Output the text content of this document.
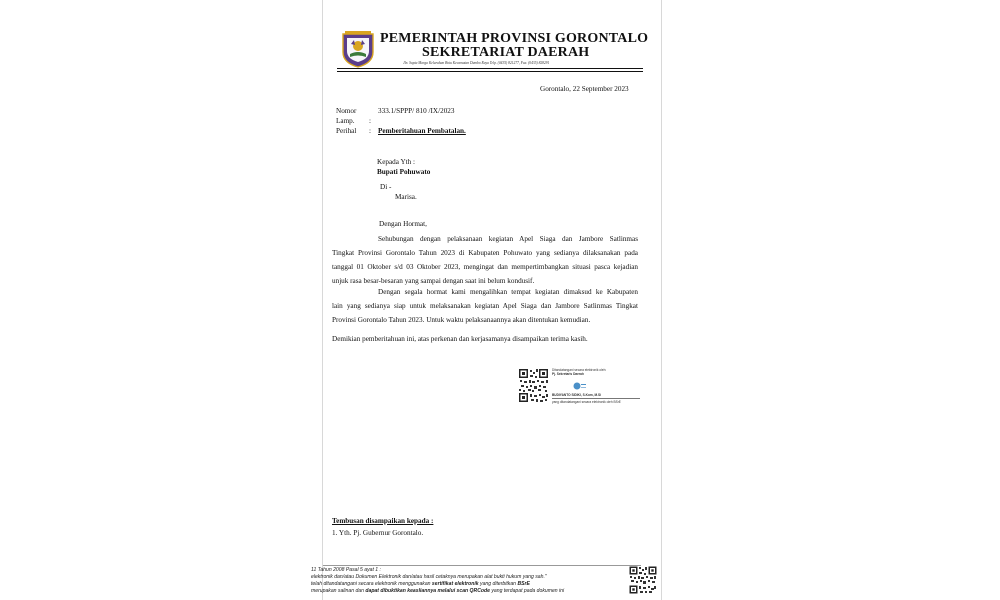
PEMERINTAH PROVINSI GORONTALO
SEKRETARIAT DAERAH
Jln. Sapta Marga Kelurahan Botu Kecamatan Dumbo Raya Telp. (0435) 821277, Fax. (0435) 828291
Gorontalo, 22 September 2023
Nomor	333.1/SPPP/ 810 /IX/2023
Lamp. :
Perihal : Pemberitahuan Pembatalan.
Kepada Yth :
Bupati Pohuwato
Di -
Marisa.
Dengan Hormat,
Sehubungan dengan pelaksanaan kegiatan Apel Siaga dan Jambore Satlinmas
Tingkat Provinsi Gorontalo Tahun 2023 di Kabupaten Pohuwato yang sedianya dilaksanakan pada
tanggal 01 Oktober s/d 03 Oktober 2023, mengingat dan mempertimbangkan situasi pasca kejadian
unjuk rasa besar-besaran yang sampai dengan saat ini belum kondusif.
Dengan segala hormat kami mengalihkan tempat kegiatan dimaksud ke Kabupaten
lain yang sedianya siap untuk melaksanakan kegiatan Apel Siaga dan Jambore Satlinmas Tingkat
Provinsi Gorontalo Tahun 2023. Untuk waktu pelaksanaannya akan ditentukan kemudian.
Demikian pemberitahuan ini, atas perkenan dan kerjasamanya disampaikan terima kasih.
Ditandatangani secara elektronik oleh:
Pj. Sekretaris Daerah
BUDIYANTO SIDIKI, S.Kom, M.Si
yang ditandatangani secara elektronik oleh BSrE
Tembusan disampaikan kepada :
1. Yth. Pj. Gubernur Gorontalo.
11 Tahun 2008 Pasal 5 ayat 1 :
elektronik dan/atau Dokumen Elektronik dan/atau hasil cetaknya merupakan alat bukti hukum yang sah."
telah ditandatangani secara elektronik menggunakan sertifikat elektronik yang diterbitkan BSrE
merupakan salinan dan dapat dibuktikan keasliannya melalui scan QRCode yang terdapat pada dokumen ini
